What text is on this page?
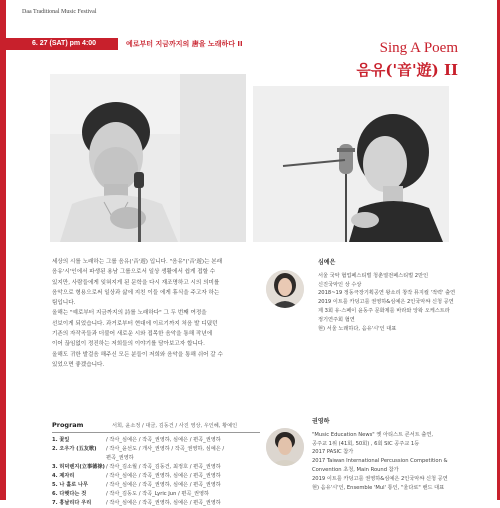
Daa Traditional Music Festival
6. 27 (SAT) pm 4:00	예로부터 지금까지의 唐을 노래하다 II	Sing A Poem
음유('音'遊) II

세상의 시를 노래하는 그룹 음유('音'遊) 입니다. "음유"('音'遊)는 본래

음유'시'인에서 파생된 용남 그룹으로서 일상 생활에서 쉽게 접할 수

있지만, 사람들에게 잊혀지게 된 문학을 다시 재조명하고 시의 의미를

음악으로 형용으로써 일상과 삶에 지친 이들 에게 휴식을 주고자 하는

팀입니다.

올해는 "예로부터 지금까지의 詩를 노래하다" 그 두 번째 여정을

선보이게 되었습니다. 과거로부터 현대에 이르기까지 처음 발 디뎠던

기존의 자작곡들과 더불어 새로운 시와 접목한 음악을 통해 작년에

이어 끊임없이 정진하는 저희들의 이야기를 담아보고자 합니다.

올해도 귀한 발걸음 해주신 모든 분들이 저희와 음악을 통해 쉬어 갈 수

있었으면 좋겠습니다.

심예은
서울 국악 협업페스티벌 청춘열전페스티벌 2만인
신진국악인 상 수상
2018~19 정동극장기획공연 왕소리 창작 뮤지컬 '적력' 출연
2019 이트를 카덩고를 권영하&심예은 2인국악쌰 신청 공연
제 3회 유·스페이 윤동주 문화제를 바라와 앙왁 오케스트라
정기연주회 협연
현) 서울 노래하다, 음유'시'인 대표
권영하
"Music Education News" 옛 아티스트 콘서트 출연,
공주교 1위 (41회, 50회) , 6회 SIC 공주교 1등
2017 PASIC 참가
2017 Taiwan International Percussion Competition &
Convention 초청, Main Round 참가
2019 이트를 카덩고를 권영하&심예은 2인국악쌰 신청 공연
현) 음유'시'인, Ensemble 'Mul' 통인, "울다로" 밴드 대표
Program	서희, 윤소정 / 대금, 김동건 / 사진 영상, 우인혜, 황예인
1. 꽃잎	/ 작사_심예은 / 작곡_권영하, 심예은 / 편곡_권영하
2. 오우가 (五友歌) / 작사_윤선도 / 개사_권영하 / 작곡_권영하, 심예은 /
편곡_권영하
3. 허덕렌지(立事德祿)/ 작사_김소월 / 작곡_김동건, 최정호 / 편곡_권영하
4. 제자리	/ 작사_심예은 / 작곡_권영하, 심예은 / 편곡_권영하
5. 나 홀로 나무	/ 작사_심예은 / 작곡_권영하, 심예은 / 편곡_권영하
6. 다햇다는 것	/ 작사_김동도 / 작곡_Lyric Jun / 편곡_권영하
7. 홍날리다 우리	/ 작사_심예은 / 작곡_권영하, 심예은 / 편곡_권영하
